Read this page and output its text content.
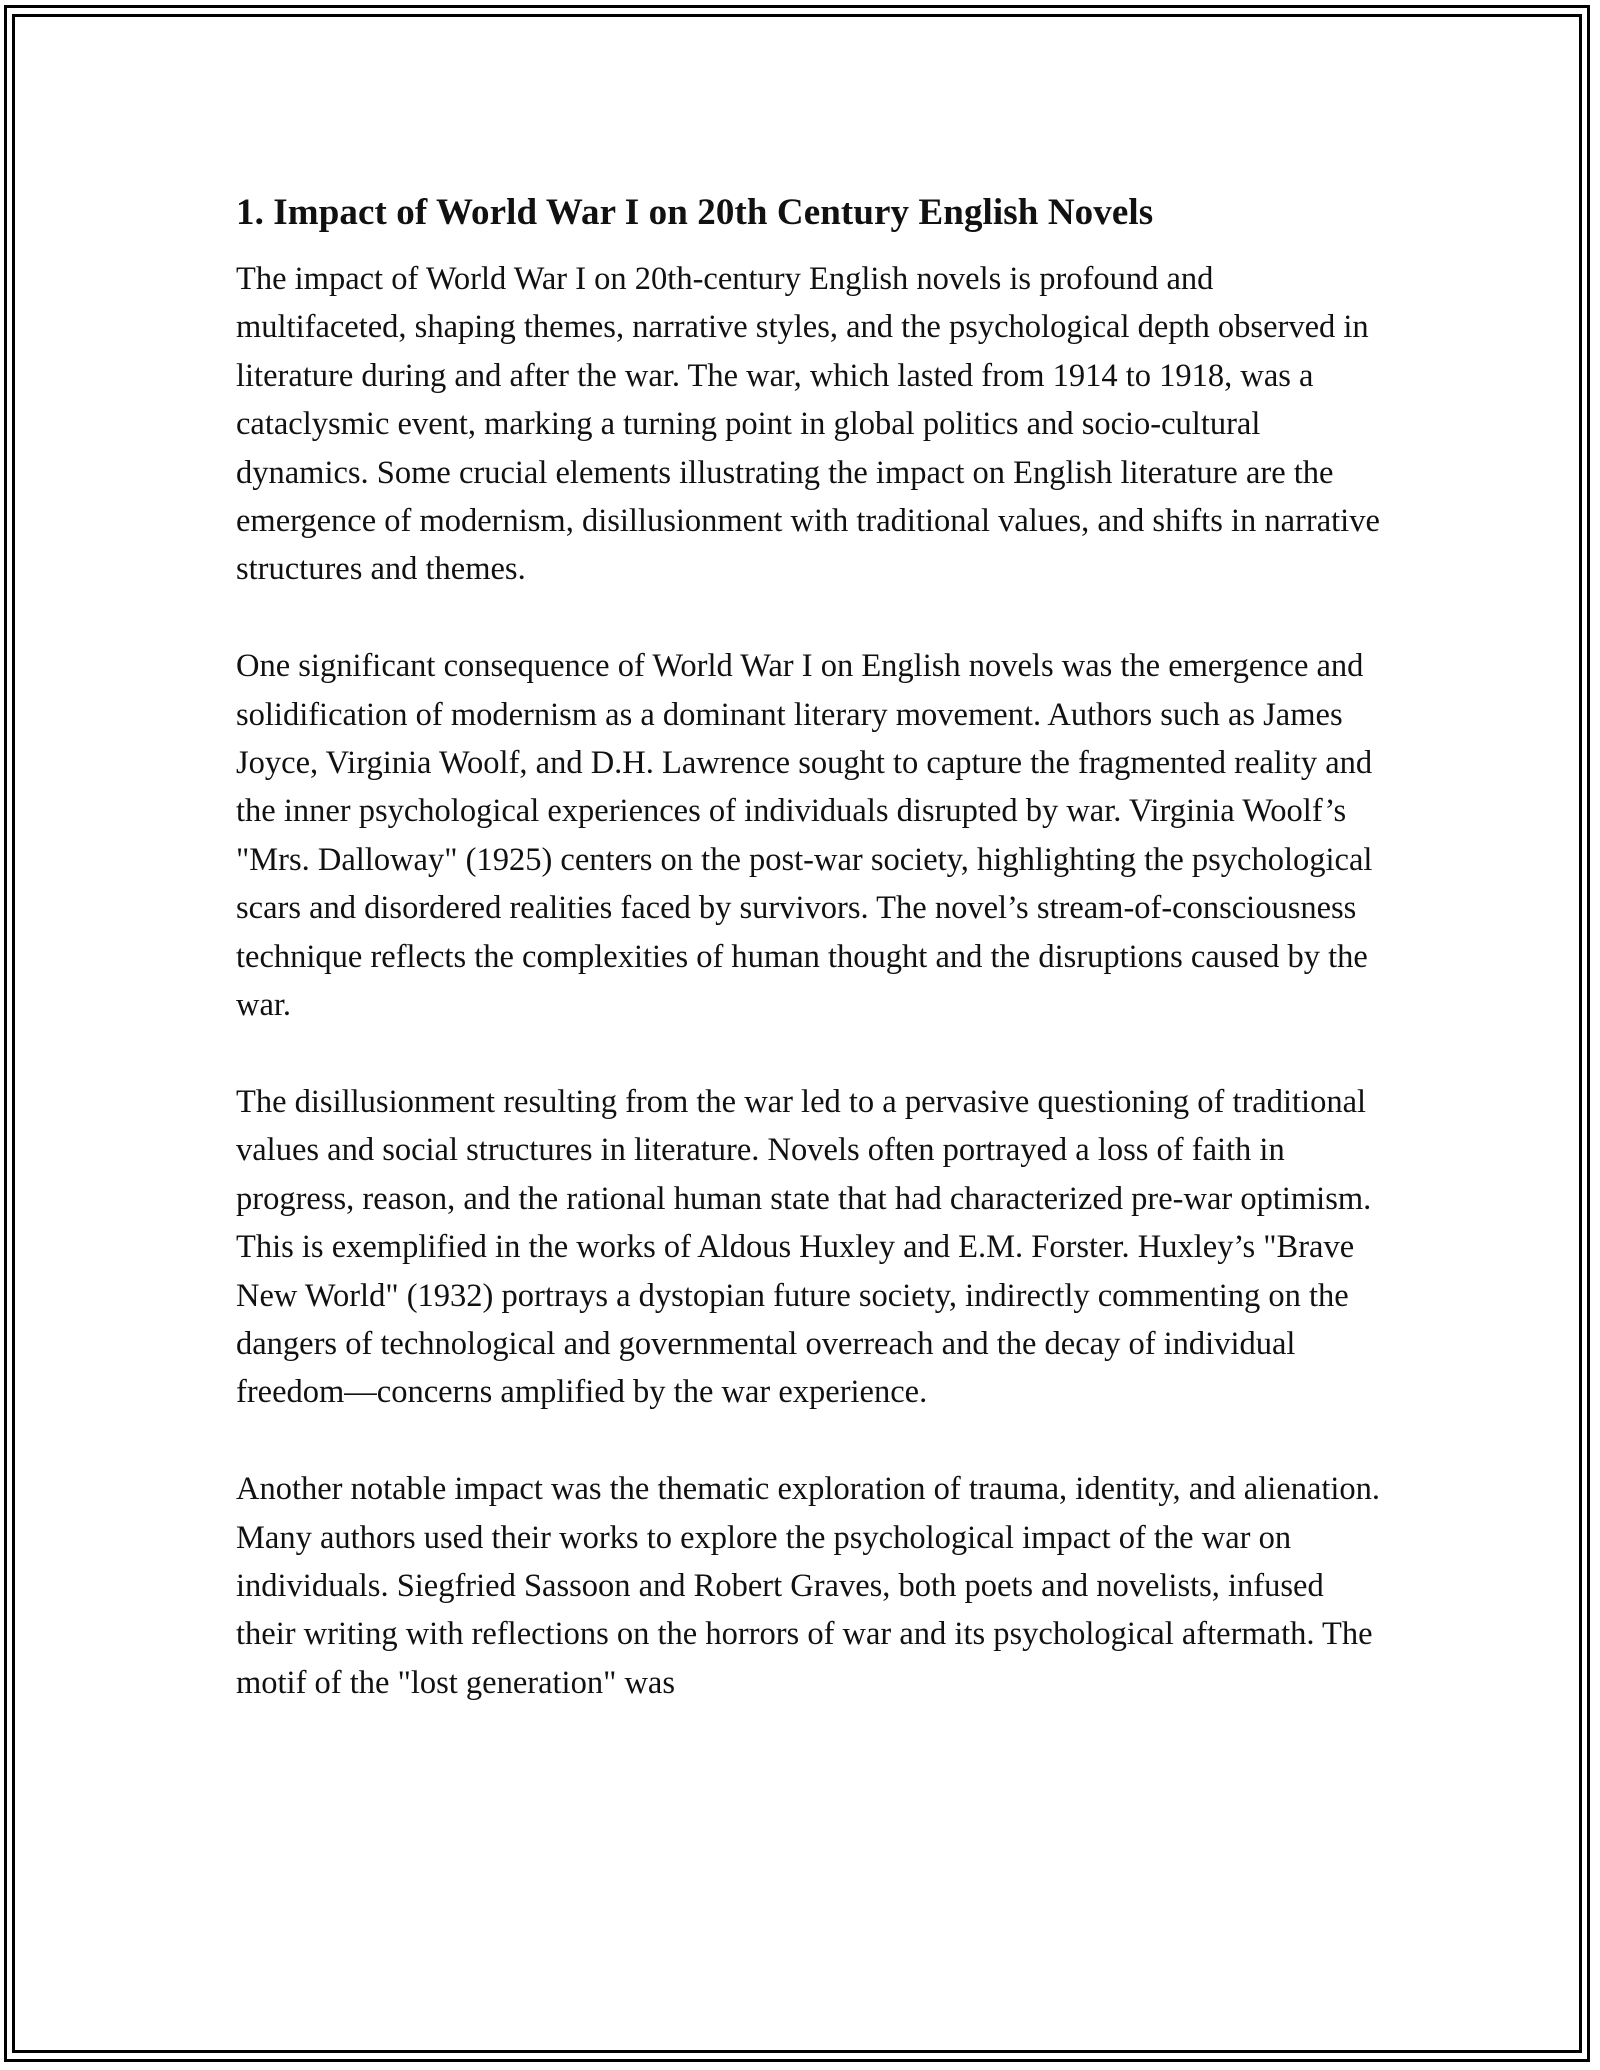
1. Impact of World War I on 20th Century English Novels

The impact of World War I on 20th-century English novels is profound and multifaceted, shaping themes, narrative styles, and the psychological depth observed in literature during and after the war. The war, which lasted from 1914 to 1918, was a cataclysmic event, marking a turning point in global politics and socio-cultural dynamics. Some crucial elements illustrating the impact on English literature are the emergence of modernism, disillusionment with traditional values, and shifts in narrative structures and themes.

One significant consequence of World War I on English novels was the emergence and solidification of modernism as a dominant literary movement. Authors such as James Joyce, Virginia Woolf, and D.H. Lawrence sought to capture the fragmented reality and the inner psychological experiences of individuals disrupted by war. Virginia Woolf’s "Mrs. Dalloway" (1925) centers on the post-war society, highlighting the psychological scars and disordered realities faced by survivors. The novel’s stream-of-consciousness technique reflects the complexities of human thought and the disruptions caused by the war.

The disillusionment resulting from the war led to a pervasive questioning of traditional values and social structures in literature. Novels often portrayed a loss of faith in progress, reason, and the rational human state that had characterized pre-war optimism. This is exemplified in the works of Aldous Huxley and E.M. Forster. Huxley’s "Brave New World" (1932) portrays a dystopian future society, indirectly commenting on the dangers of technological and governmental overreach and the decay of individual freedom—concerns amplified by the war experience.

Another notable impact was the thematic exploration of trauma, identity, and alienation. Many authors used their works to explore the psychological impact of the war on individuals. Siegfried Sassoon and Robert Graves, both poets and novelists, infused their writing with reflections on the horrors of war and its psychological aftermath. The motif of the "lost generation" was
